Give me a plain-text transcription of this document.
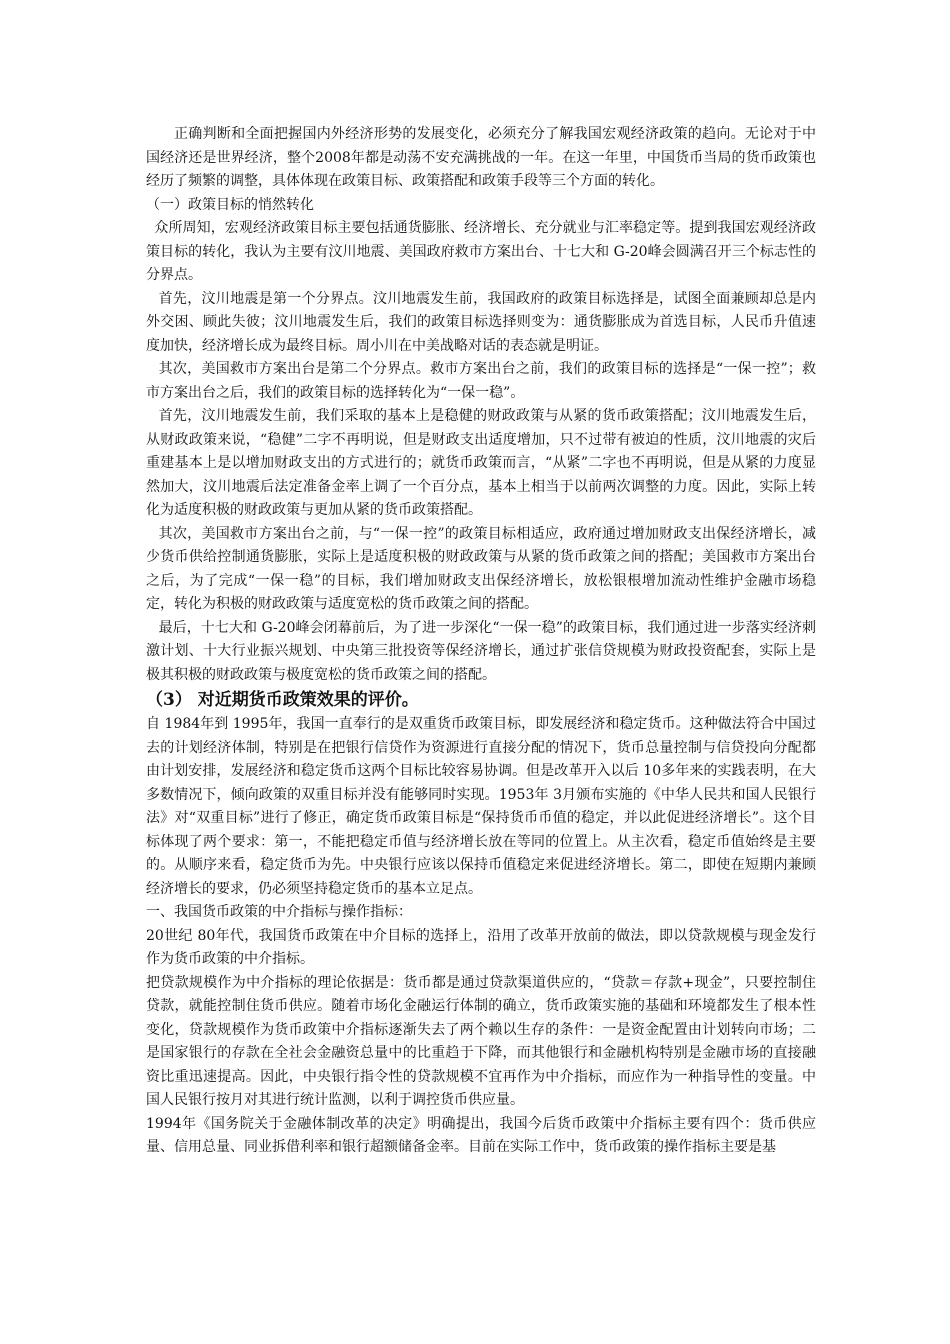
正确判断和全面把握国内外经济形势的发展变化，必须充分了解我国宏观经济政策的趋向。无论对于中国经济还是世界经济，整个2008年都是动荡不安充满挑战的一年。在这一年里，中国货币当局的货币政策也经历了频繁的调整，具体体现在政策目标、政策搭配和政策手段等三个方面的转化。

（一）政策目标的悄然转化

众所周知，宏观经济政策目标主要包括通货膨胀、经济增长、充分就业与汇率稳定等。提到我国宏观经济政策目标的转化，我认为主要有汶川地震、美国政府救市方案出台、十七大和 G-20峰会圆满召开三个标志性的分界点。

首先，汶川地震是第一个分界点。汶川地震发生前，我国政府的政策目标选择是，试图全面兼顾却总是内外交困、顾此失彼；汶川地震发生后，我们的政策目标选择则变为：通货膨胀成为首选目标，人民币升值速度加快，经济增长成为最终目标。周小川在中美战略对话的表态就是明证。

其次，美国救市方案出台是第二个分界点。救市方案出台之前，我们的政策目标的选择是“一保一控”；救市方案出台之后，我们的政策目标的选择转化为“一保一稳”。

首先，汶川地震发生前，我们采取的基本上是稳健的财政政策与从紧的货币政策搭配；汶川地震发生后，从财政政策来说，“稳健”二字不再明说，但是财政支出适度增加，只不过带有被迫的性质，汶川地震的灾后重建基本上是以增加财政支出的方式进行的；就货币政策而言，“从紧”二字也不再明说，但是从紧的力度显然加大，汶川地震后法定准备金率上调了一个百分点，基本上相当于以前两次调整的力度。因此，实际上转化为适度积极的财政政策与更加从紧的货币政策搭配。

其次，美国救市方案出台之前，与“一保一控”的政策目标相适应，政府通过增加财政支出保经济增长，减少货币供给控制通货膨胀，实际上是适度积极的财政政策与从紧的货币政策之间的搭配；美国救市方案出台之后，为了完成“一保一稳”的目标，我们增加财政支出保经济增长，放松银根增加流动性维护金融市场稳定，转化为积极的财政政策与适度宽松的货币政策之间的搭配。

最后，十七大和 G-20峰会闭幕前后，为了进一步深化“一保一稳”的政策目标，我们通过进一步落实经济刺激计划、十大行业振兴规划、中央第三批投资等保经济增长，通过扩张信贷规模为财政投资配套，实际上是极其积极的财政政策与极度宽松的货币政策之间的搭配。

（3） 对近期货币政策效果的评价。

自 1984年到 1995年，我国一直奉行的是双重货币政策目标，即发展经济和稳定货币。这种做法符合中国过去的计划经济体制，特别是在把银行信贷作为资源进行直接分配的情况下，货币总量控制与信贷投向分配都由计划安排，发展经济和稳定货币这两个目标比较容易协调。但是改革开入以后 10多年来的实践表明，在大多数情况下，倾向政策的双重目标并没有能够同时实现。1953年 3月颁布实施的《中华人民共和国人民银行法》对“双重目标”进行了修正，确定货币政策目标是“保持货币币值的稳定，并以此促进经济增长”。这个目标体现了两个要求：第一，不能把稳定币值与经济增长放在等同的位置上。从主次看，稳定币值始终是主要的。从顺序来看，稳定货币为先。中央银行应该以保持币值稳定来促进经济增长。第二，即使在短期内兼顾经济增长的要求，仍必须坚持稳定货币的基本立足点。

一、我国货币政策的中介指标与操作指标：

20世纪 80年代，我国货币政策在中介目标的选择上，沿用了改革开放前的做法，即以贷款规模与现金发行作为货币政策的中介指标。

把贷款规模作为中介指标的理论依据是：货币都是通过贷款渠道供应的，“贷款＝存款+现金”，只要控制住贷款，就能控制住货币供应。随着市场化金融运行体制的确立，货币政策实施的基础和环境都发生了根本性变化，贷款规模作为货币政策中介指标逐渐失去了两个赖以生存的条件：一是资金配置由计划转向市场；二是国家银行的存款在全社会金融资总量中的比重趋于下降，而其他银行和金融机构特别是金融市场的直接融资比重迅速提高。因此，中央银行指令性的贷款规模不宜再作为中介指标，而应作为一种指导性的变量。中国人民银行按月对其进行统计监测，以利于调控货币供应量。

1994年《国务院关于金融体制改革的决定》明确提出，我国今后货币政策中介指标主要有四个：货币供应量、信用总量、同业拆借利率和银行超额储备金率。目前在实际工作中，货币政策的操作指标主要是基
